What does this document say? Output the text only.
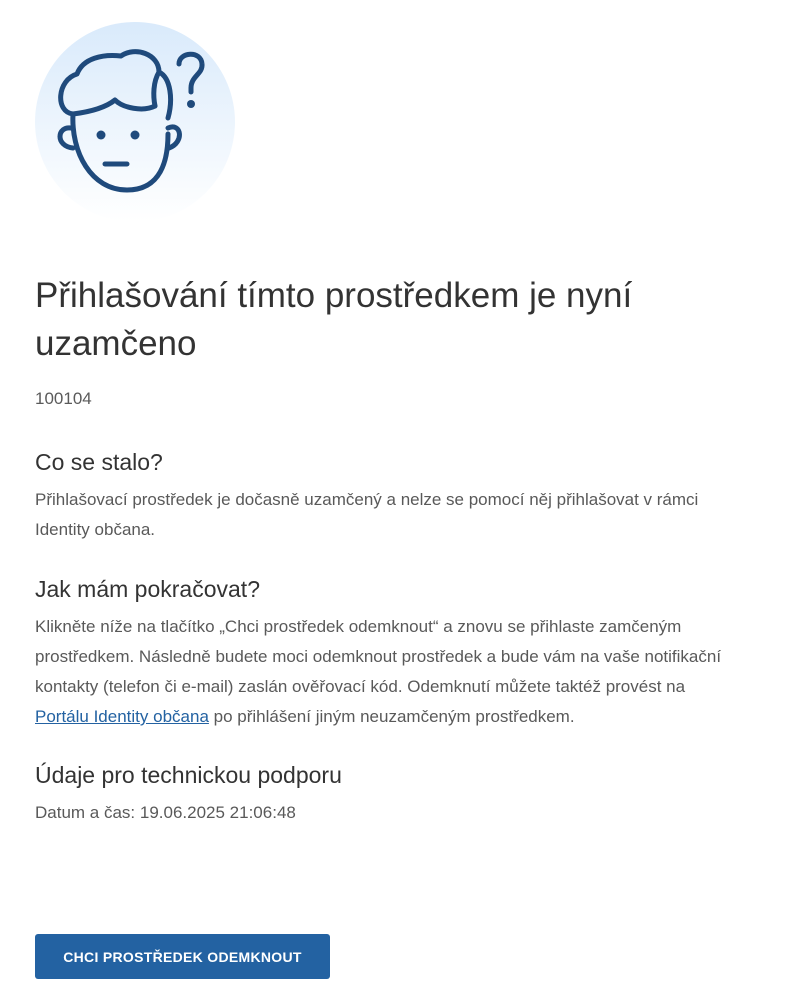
Přihlašování tímto prostředkem je nyní uzamčeno

100104

Co se stalo?

Přihlašovací prostředek je dočasně uzamčený a nelze se pomocí něj přihlašovat v rámci Identity občana.

Jak mám pokračovat?

Klikněte níže na tlačítko „Chci prostředek odemknout“ a znovu se přihlaste zamčeným prostředkem. Následně budete moci odemknout prostředek a bude vám na vaše notifikační kontakty (telefon či e-mail) zaslán ověřovací kód. Odemknutí můžete taktéž provést na Portálu Identity občana po přihlášení jiným neuzamčeným prostředkem.

Údaje pro technickou podporu

Datum a čas: 19.06.2025 21:06:48

CHCI PROSTŘEDEK ODEMKNOUT
